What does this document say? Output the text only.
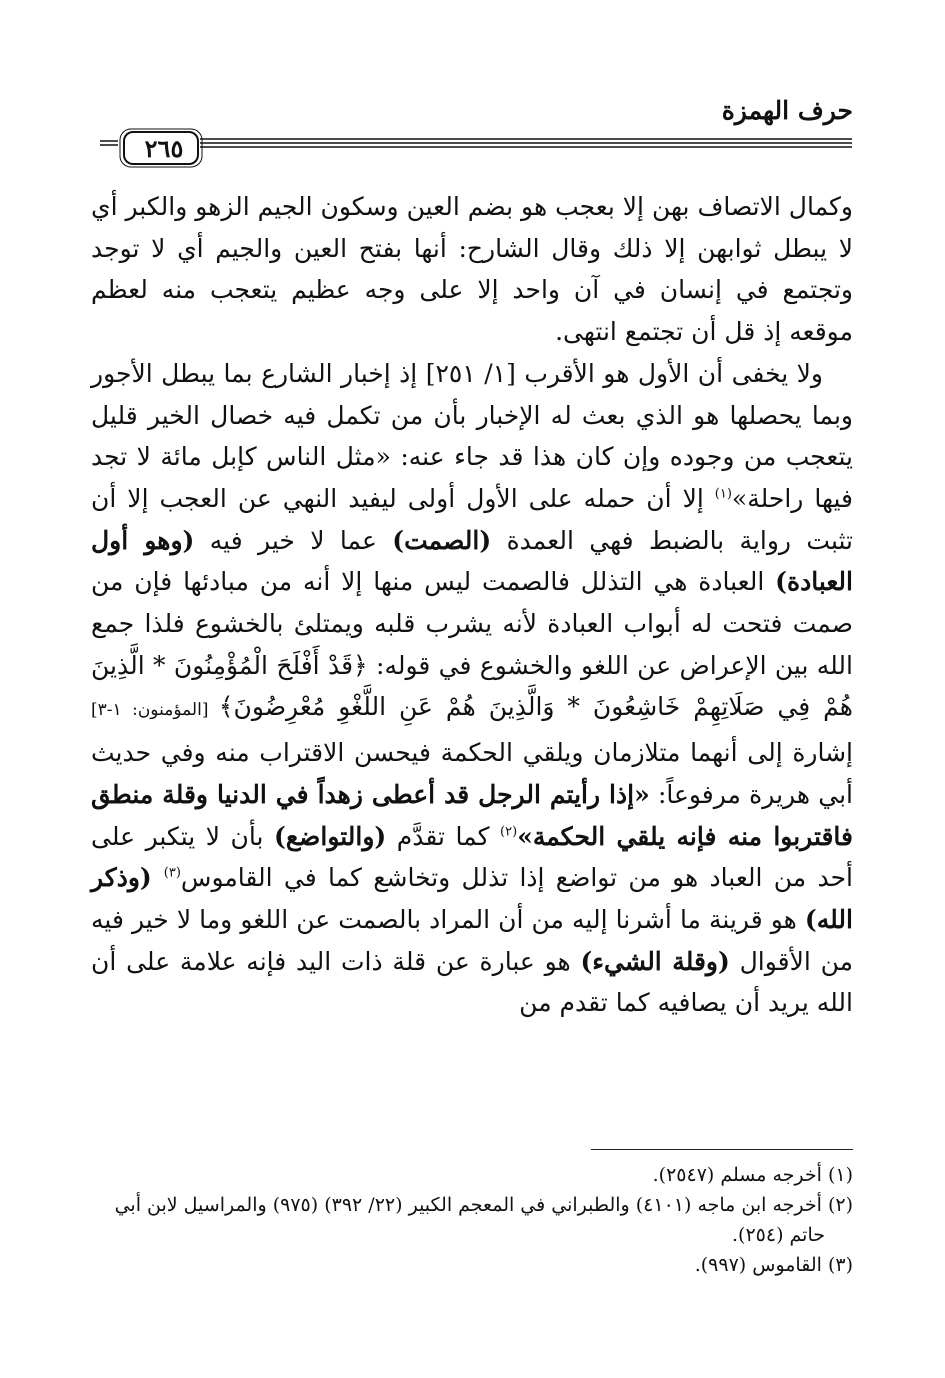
حرف الهمزة
٢٦٥

وكمال الاتصاف بهن إلا بعجب هو بضم العين وسكون الجيم الزهو والكبر أي لا يبطل ثوابهن إلا ذلك وقال الشارح: أنها بفتح العين والجيم أي لا توجد وتجتمع في إنسان في آن واحد إلا على وجه عظيم يتعجب منه لعظم موقعه إذ قل أن تجتمع انتهى.

ولا يخفى أن الأول هو الأقرب [١/ ٢٥١] إذ إخبار الشارع بما يبطل الأجور وبما يحصلها هو الذي بعث له الإخبار بأن من تكمل فيه خصال الخير قليل يتعجب من وجوده وإن كان هذا قد جاء عنه: «مثل الناس كإبل مائة لا تجد فيها راحلة»$^{(١)}$ إلا أن حمله على الأول أولى ليفيد النهي عن العجب إلا أن تثبت رواية بالضبط فهي العمدة (الصمت) عما لا خير فيه (وهو أول العبادة) العبادة هي التذلل فالصمت ليس منها إلا أنه من مبادئها فإن من صمت فتحت له أبواب العبادة لأنه يشرب قلبه ويمتلئ بالخشوع فلذا جمع الله بين الإعراض عن اللغو والخشوع في قوله: ﴿قَدْ أَفْلَحَ الْمُؤْمِنُونَ * الَّذِينَ هُمْ فِي صَلَاتِهِمْ خَاشِعُونَ * وَالَّذِينَ هُمْ عَنِ اللَّغْوِ مُعْرِضُونَ﴾ [المؤمنون: ١-٣] إشارة إلى أنهما متلازمان ويلقي الحكمة فيحسن الاقتراب منه وفي حديث أبي هريرة مرفوعاً: «إذا رأيتم الرجل قد أعطى زهداً في الدنيا وقلة منطق فاقتربوا منه فإنه يلقي الحكمة»$^{(٢)}$ كما تقدَّم (والتواضع) بأن لا يتكبر على أحد من العباد هو من تواضع إذا تذلل وتخاشع كما في القاموس$^{(٣)}$ (وذكر الله) هو قرينة ما أشرنا إليه من أن المراد بالصمت عن اللغو وما لا خير فيه من الأقوال (وقلة الشيء) هو عبارة عن قلة ذات اليد فإنه علامة على أن الله يريد أن يصافيه كما تقدم من

(١) أخرجه مسلم (٢٥٤٧).

(٢) أخرجه ابن ماجه (٤١٠١) والطبراني في المعجم الكبير (٢٢/ ٣٩٢) (٩٧٥) والمراسيل لابن أبي

حاتم (٢٥٤).

(٣) القاموس (٩٩٧).
